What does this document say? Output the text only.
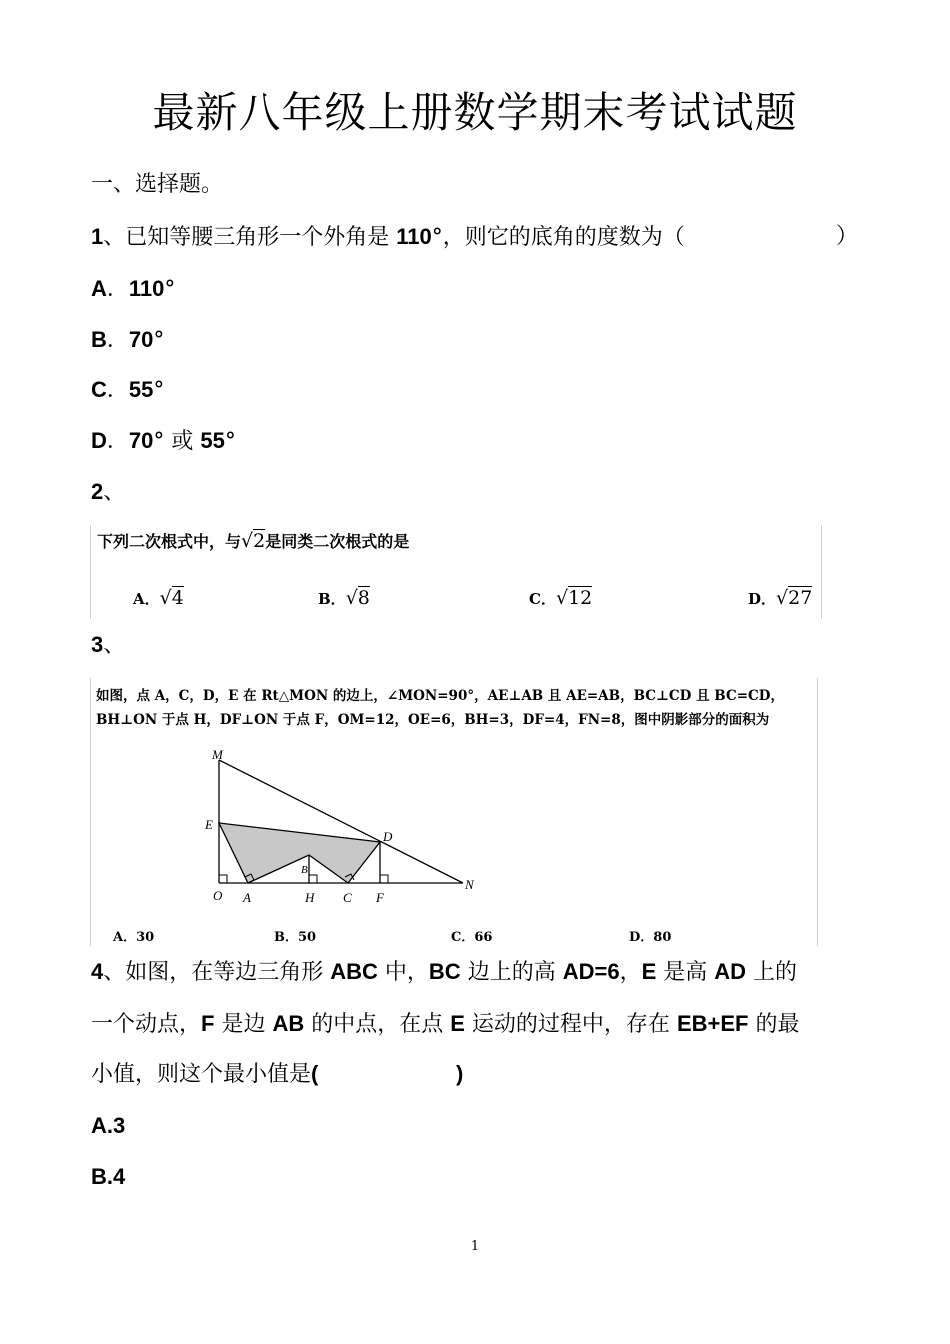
最新八年级上册数学期末考试试题
一、选择题。
1、已知等腰三角形一个外角是 110°，则它的底角的度数为（	）
A．110°
B．70°
C．55°
D．70° 或 55°
2、
下列二次根式中，与√2是同类二次根式的是
A．√4	B．√8	C．√12	D．√27
3、
如图，点 A，C，D，E 在 Rt△MON 的边上，∠MON=90°，AE⊥AB 且 AE=AB，BC⊥CD 且 BC=CD，
BH⊥ON 于点 H，DF⊥ON 于点 F，OM=12，OE=6，BH=3，DF=4，FN=8，图中阴影部分的面积为
M
E
D
B
O A	H C F
N
A．30	B．50	C．66	D．80
4、如图，在等边三角形 ABC 中，BC 边上的高 AD=6，E 是高 AD 上的
一个动点，F 是边 AB 的中点，在点 E 运动的过程中，存在 EB+EF 的最
小值，则这个最小值是(	)
A.3
B.4
1
